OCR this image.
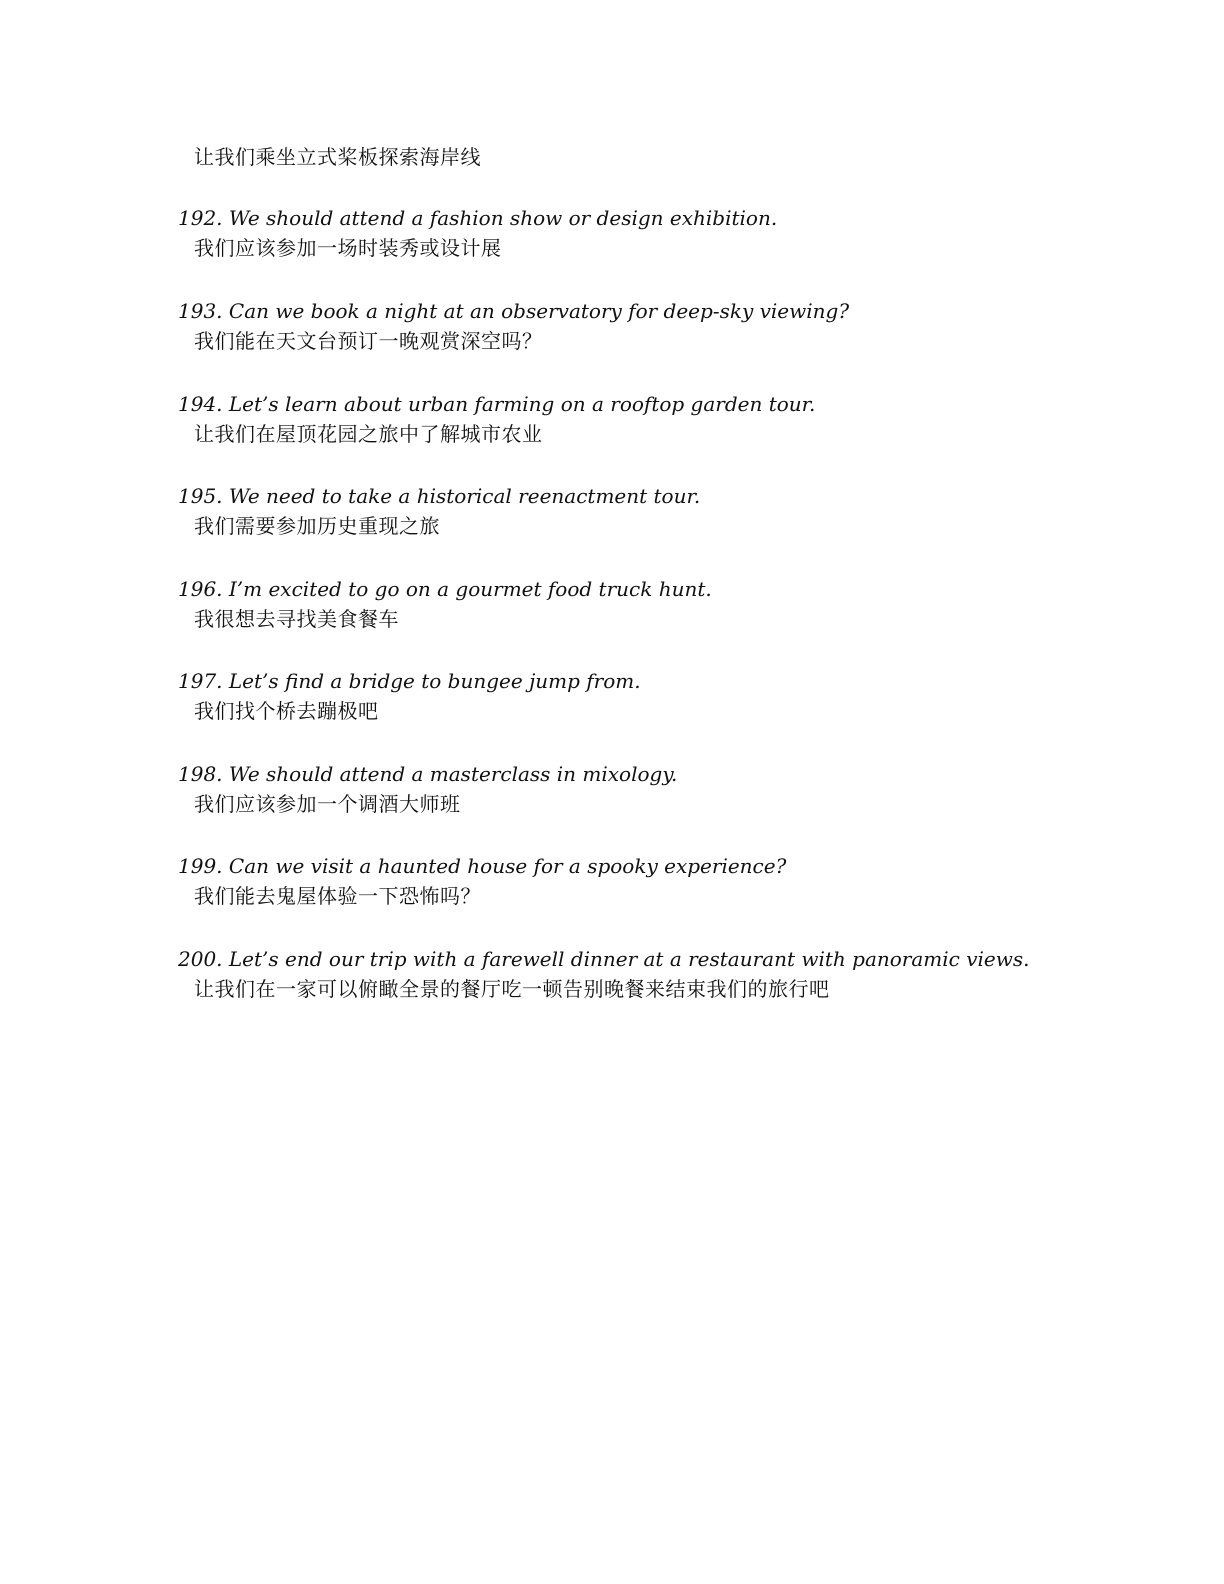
让我们乘坐立式桨板探索海岸线
192. We should attend a fashion show or design exhibition.
我们应该参加一场时装秀或设计展
193. Can we book a night at an observatory for deep-sky viewing?
我们能在天文台预订一晚观赏深空吗？
194. Let’s learn about urban farming on a rooftop garden tour.
让我们在屋顶花园之旅中了解城市农业
195. We need to take a historical reenactment tour.
我们需要参加历史重现之旅
196. I’m excited to go on a gourmet food truck hunt.
我很想去寻找美食餐车
197. Let’s find a bridge to bungee jump from.
我们找个桥去蹦极吧
198. We should attend a masterclass in mixology.
我们应该参加一个调酒大师班
199. Can we visit a haunted house for a spooky experience?
我们能去鬼屋体验一下恐怖吗？
200. Let’s end our trip with a farewell dinner at a restaurant with panoramic views.
让我们在一家可以俯瞰全景的餐厅吃一顿告别晚餐来结束我们的旅行吧
